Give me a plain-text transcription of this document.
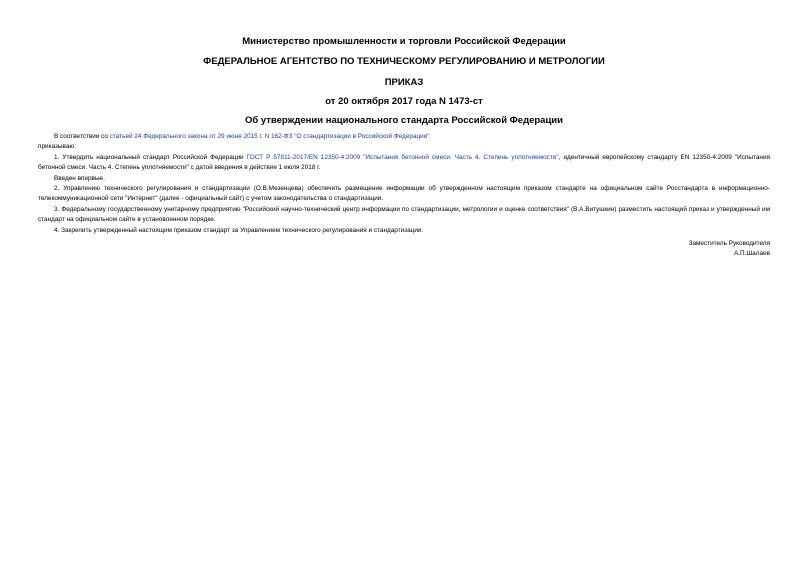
Министерство промышленности и торговли Российской Федерации
ФЕДЕРАЛЬНОЕ АГЕНТСТВО ПО ТЕХНИЧЕСКОМУ РЕГУЛИРОВАНИЮ И МЕТРОЛОГИИ
ПРИКАЗ
от 20 октября 2017 года N 1473-ст
Об утверждении национального стандарта Российской Федерации

В соответствии со статьей 24 Федерального закона от 29 июня 2015 г. N 162-ФЗ "О стандартизации в Российской Федерации"

приказываю:

1. Утвердить национальный стандарт Российской Федерации ГОСТ Р 57811-2017/EN 12350-4:2009 "Испытания бетонной смеси. Часть 4. Степень уплотняемости", идентичный европейскому стандарту EN 12350-4:2009 "Испытания бетонной смеси. Часть 4. Степень уплотняемости" с датой введения в действие 1 июля 2018 г.

Введен впервые.

2. Управлению технического регулирования и стандартизации (О.В.Мезенцева) обеспечить размещение информации об утвержденном настоящим приказом стандарте на официальном сайте Росстандарта в информационно-телекоммуникационной сети "Интернет" (далее - официальный сайт) с учетом законодательства о стандартизации.

3. Федеральному государственному унитарному предприятию "Российский научно-технический центр информации по стандартизации, метрологии и оценке соответствия" (В.А.Витушкин) разместить настоящий приказ и утвержденный им стандарт на официальном сайте в установленном порядке.

4. Закрепить утвержденный настоящим приказом стандарт за Управлением технического регулирования и стандартизации.

Заместитель Руководителя

А.П.Шалаев
